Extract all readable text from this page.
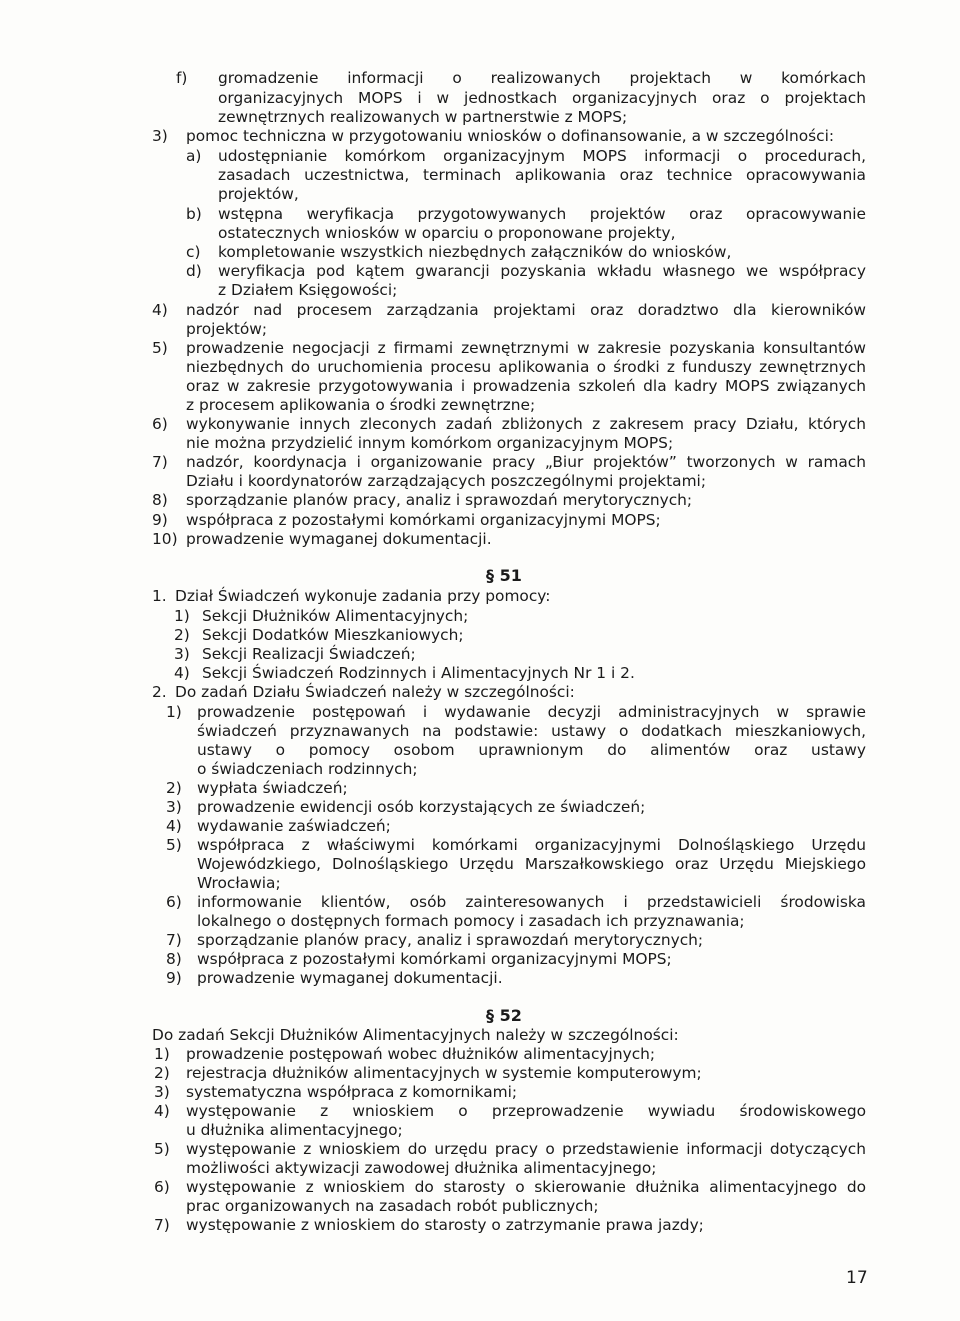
f) gromadzenie informacji o realizowanych projektach w komórkach
organizacyjnych MOPS i w jednostkach organizacyjnych oraz o projektach
zewnętrznych realizowanych w partnerstwie z MOPS;
3) pomoc techniczna w przygotowaniu wniosków o dofinansowanie, a w szczególności:
a) udostępnianie komórkom organizacyjnym MOPS informacji o procedurach,
zasadach uczestnictwa, terminach aplikowania oraz technice opracowywania
projektów,
b) wstępna weryfikacja przygotowywanych projektów oraz opracowywanie
ostatecznych wniosków w oparciu o proponowane projekty,
c) kompletowanie wszystkich niezbędnych załączników do wniosków,
d) weryfikacja pod kątem gwarancji pozyskania wkładu własnego we współpracy
z Działem Księgowości;
4) nadzór nad procesem zarządzania projektami oraz doradztwo dla kierowników
projektów;
5) prowadzenie negocjacji z firmami zewnętrznymi w zakresie pozyskania konsultantów
niezbędnych do uruchomienia procesu aplikowania o środki z funduszy zewnętrznych
oraz w zakresie przygotowywania i prowadzenia szkoleń dla kadry MOPS związanych
z procesem aplikowania o środki zewnętrzne;
6) wykonywanie innych zleconych zadań zbliżonych z zakresem pracy Działu, których
nie można przydzielić innym komórkom organizacyjnym MOPS;
7) nadzór, koordynacja i organizowanie pracy „Biur projektów” tworzonych w ramach
Działu i koordynatorów zarządzających poszczególnymi projektami;
8) sporządzanie planów pracy, analiz i sprawozdań merytorycznych;
9) współpraca z pozostałymi komórkami organizacyjnymi MOPS;
10) prowadzenie wymaganej dokumentacji.
§ 51
1. Dział Świadczeń wykonuje zadania przy pomocy:
1) Sekcji Dłużników Alimentacyjnych;
2) Sekcji Dodatków Mieszkaniowych;
3) Sekcji Realizacji Świadczeń;
4) Sekcji Świadczeń Rodzinnych i Alimentacyjnych Nr 1 i 2.
2. Do zadań Działu Świadczeń należy w szczególności:
1) prowadzenie postępowań i wydawanie decyzji administracyjnych w sprawie
świadczeń przyznawanych na podstawie: ustawy o dodatkach mieszkaniowych,
ustawy o pomocy osobom uprawnionym do alimentów oraz ustawy
o świadczeniach rodzinnych;
2) wypłata świadczeń;
3) prowadzenie ewidencji osób korzystających ze świadczeń;
4) wydawanie zaświadczeń;
5) współpraca z właściwymi komórkami organizacyjnymi Dolnośląskiego Urzędu
Wojewódzkiego, Dolnośląskiego Urzędu Marszałkowskiego oraz Urzędu Miejskiego
Wrocławia;
6) informowanie klientów, osób zainteresowanych i przedstawicieli środowiska
lokalnego o dostępnych formach pomocy i zasadach ich przyznawania;
7) sporządzanie planów pracy, analiz i sprawozdań merytorycznych;
8) współpraca z pozostałymi komórkami organizacyjnymi MOPS;
9) prowadzenie wymaganej dokumentacji.
§ 52
Do zadań Sekcji Dłużników Alimentacyjnych należy w szczególności:
1) prowadzenie postępowań wobec dłużników alimentacyjnych;
2) rejestracja dłużników alimentacyjnych w systemie komputerowym;
3) systematyczna współpraca z komornikami;
4) występowanie z wnioskiem o przeprowadzenie wywiadu środowiskowego
u dłużnika alimentacyjnego;
5) występowanie z wnioskiem do urzędu pracy o przedstawienie informacji dotyczących
możliwości aktywizacji zawodowej dłużnika alimentacyjnego;
6) występowanie z wnioskiem do starosty o skierowanie dłużnika alimentacyjnego do
prac organizowanych na zasadach robót publicznych;
7) występowanie z wnioskiem do starosty o zatrzymanie prawa jazdy;
17
